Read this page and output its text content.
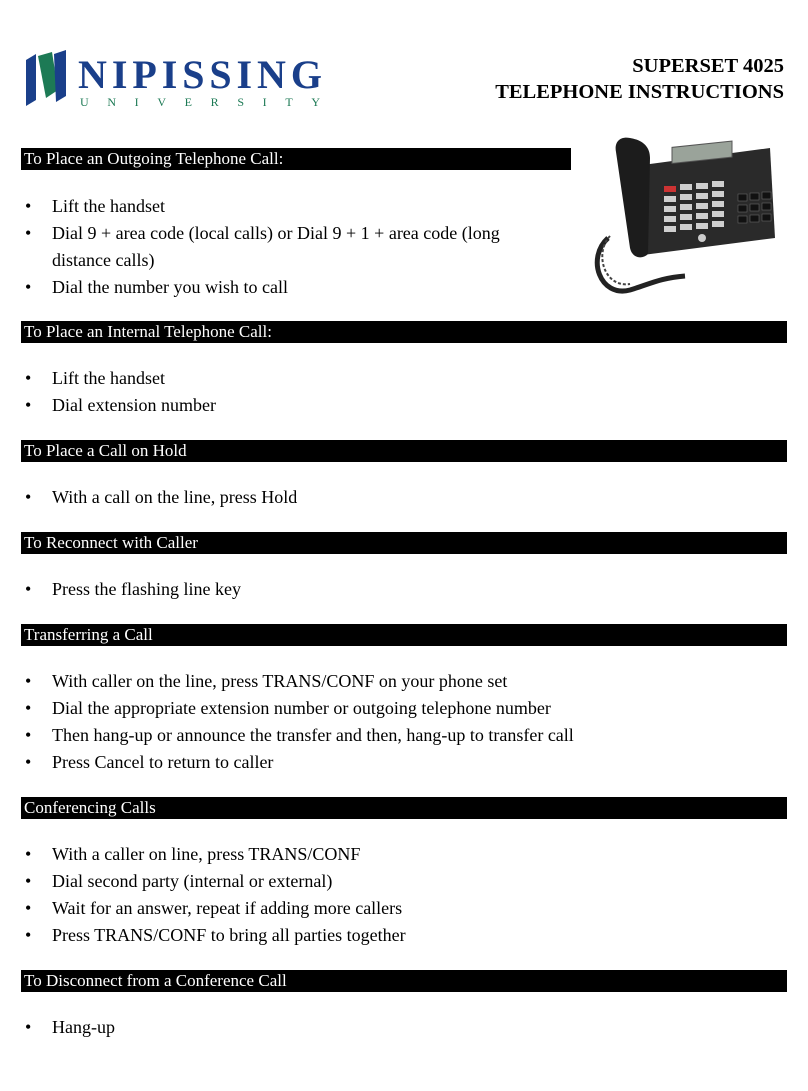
NIPISSING
UNIVERSITY
SUPERSET 4025
TELEPHONE INSTRUCTIONS
To Place an Outgoing Telephone Call:
• Lift the handset
• Dial 9 + area code (local calls) or Dial 9 + 1 + area code (long distance calls)
• Dial the number you wish to call
To Place an Internal Telephone Call:
• Lift the handset
• Dial extension number
To Place a Call on Hold
• With a call on the line, press Hold
To Reconnect with Caller
• Press the flashing line key
Transferring a Call
• With caller on the line, press TRANS/CONF on your phone set
• Dial the appropriate extension number or outgoing telephone number
• Then hang-up or announce the transfer and then, hang-up to transfer call
• Press Cancel to return to caller
Conferencing Calls
• With a caller on line, press TRANS/CONF
• Dial second party (internal or external)
• Wait for an answer, repeat if adding more callers
• Press TRANS/CONF to bring all parties together
To Disconnect from a Conference Call
• Hang-up
